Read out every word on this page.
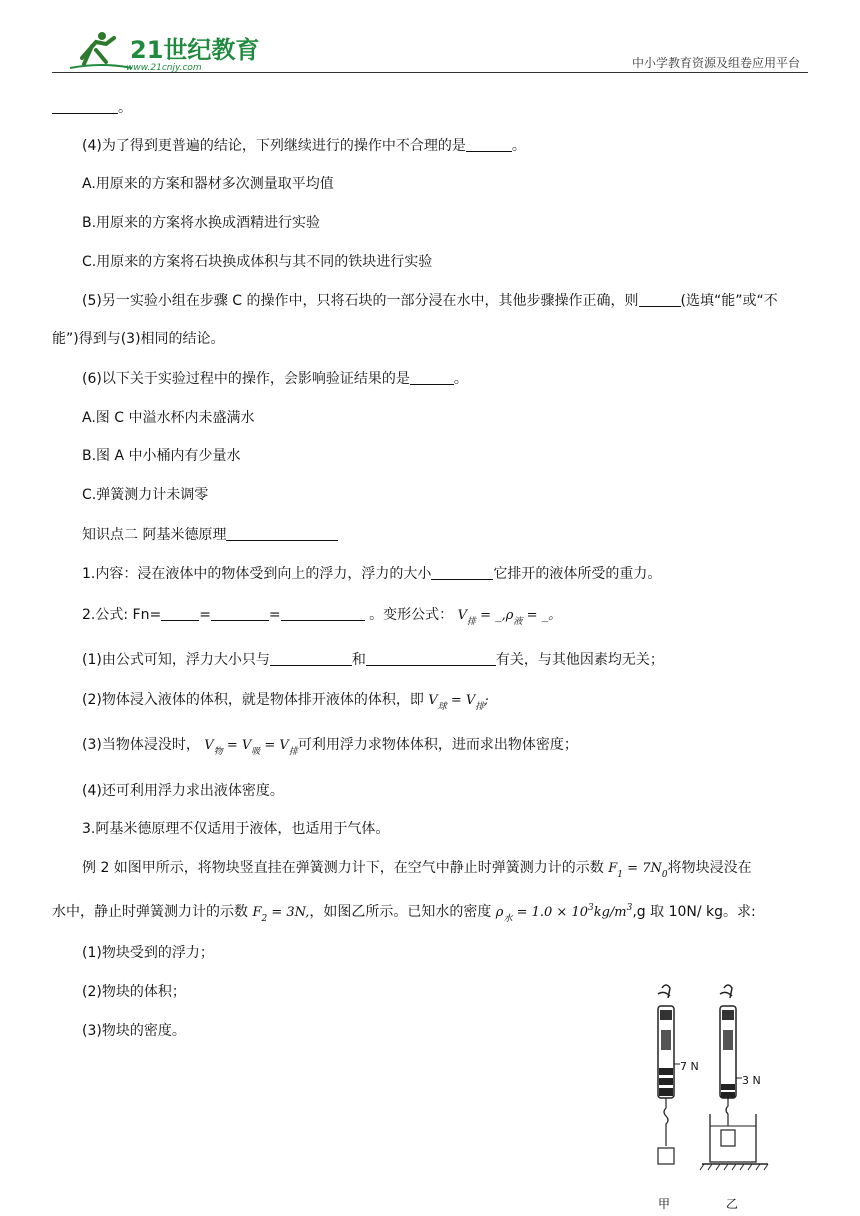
21世纪教育
www.21cnjy.com	中小学教育资源及组卷应用平台
。
(4)为了得到更普遍的结论，下列继续进行的操作中不合理的是	。
A.用原来的方案和器材多次测量取平均值
B.用原来的方案将水换成酒精进行实验
C.用原来的方案将石块换成体积与其不同的铁块进行实验
(5)另一实验小组在步骤 C 的操作中，只将石块的一部分浸在水中，其他步骤操作正确，则	(选填“能”或“不
能”)得到与(3)相同的结论。
(6)以下关于实验过程中的操作，会影响验证结果的是	。
A.图 C 中溢水杯内未盛满水
B.图 A 中小桶内有少量水
C.弹簧测力计未调零
知识点二 阿基米德原理
1.内容：浸在液体中的物体受到向上的浮力，浮力的大小	它排开的液体所受的重力。
2.公式: Fn=	=	=	。变形公式： $V_排$ = $\_,\rho_液$ = _。
(1)由公式可知，浮力大小只与	和	有关，与其他因素均无关；
(2)物体浸入液体的体积，就是物体排开液体的体积，即 $V_球 = V_排$;
(3)当物体浸没时， $V_物 = V_吸 = V_排$可利用浮力求物体体积，进而求出物体密度；
(4)还可利用浮力求出液体密度。
3.阿基米德原理不仅适用于液体，也适用于气体。
例 2 如图甲所示，将物块竖直挂在弹簧测力计下，在空气中静止时弹簧测力计的示数 $F_1 = 7N_0$将物块浸没在
水中，静止时弹簧测力计的示数 $F_2 = 3N$,，如图乙所示。已知水的密度 $\rho_水 = 1.0 \times 10^3kg/m^3,g$ 取 10N/ kg。求:
(1)物块受到的浮力；
(2)物块的体积；
(3)物块的密度。
7 N
甲
3 N
乙
